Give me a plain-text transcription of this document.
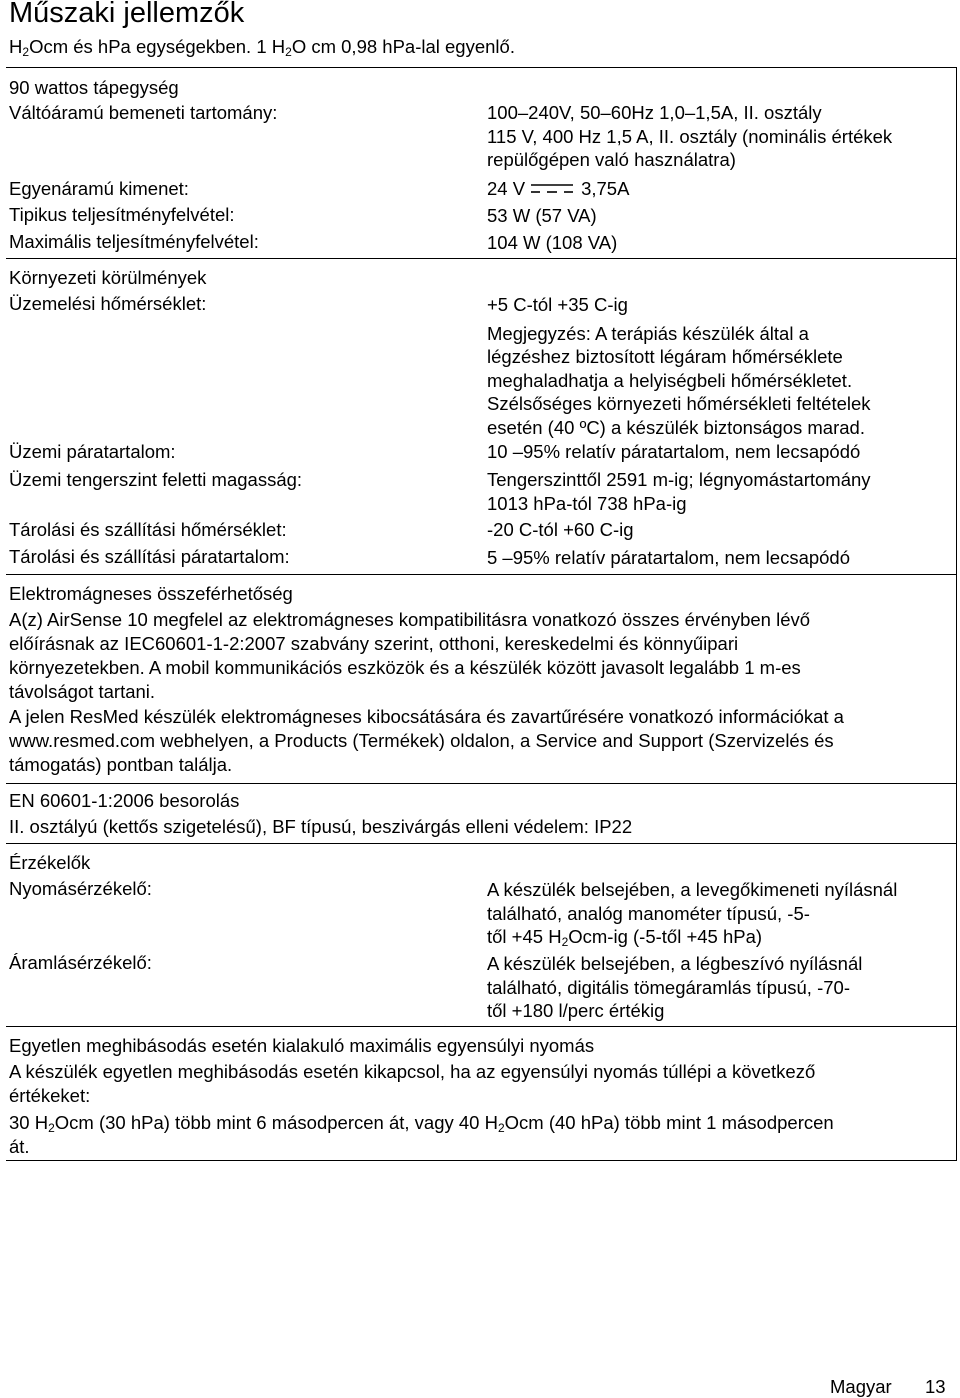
Műszaki jellemzők
$H_2Ocm$ és hPa egységekben. 1 $H_2O$ cm 0,98 hPa-lal egyenlő.
90 wattos tápegység
Váltóáramú bemeneti tartomány:	100–240V, 50–60Hz 1,0–1,5A, II. osztály
115 V, 400 Hz 1,5 A, II. osztály (nominális értékek
repülőgépen való használatra)
Egyenáramú kimenet:	24 V	3,75A
Tipikus teljesítményfelvétel:	53 W (57 VA)
Maximális teljesítményfelvétel:	104 W (108 VA)
Környezeti körülmények
Üzemelési hőmérséklet:	+5 C-tól +35 C-ig
Megjegyzés: A terápiás készülék által a
légzéshez biztosított légáram hőmérséklete
meghaladhatja a helyiségbeli hőmérsékletet.
Szélsőséges környezeti hőmérsékleti feltételek
esetén (40 ºC) a készülék biztonságos marad.
Üzemi páratartalom:	10 –95% relatív páratartalom, nem lecsapódó
Üzemi tengerszint feletti magasság:	Tengerszinttől 2591 m-ig; légnyomástartomány
1013 hPa-tól 738 hPa-ig
Tárolási és szállítási hőmérséklet:	-20 C-tól +60 C-ig
Tárolási és szállítási páratartalom:	5 –95% relatív páratartalom, nem lecsapódó
Elektromágneses összeférhetőség
A(z) AirSense 10 megfelel az elektromágneses kompatibilitásra vonatkozó összes érvényben lévő
előírásnak az IEC60601-1-2:2007 szabvány szerint, otthoni, kereskedelmi és könnyűipari
környezetekben. A mobil kommunikációs eszközök és a készülék között javasolt legalább 1 m-es
távolságot tartani.
A jelen ResMed készülék elektromágneses kibocsátására és zavartűrésére vonatkozó információkat a
www.resmed.com webhelyen, a Products (Termékek) oldalon, a Service and Support (Szervizelés és
támogatás) pontban találja.
EN 60601-1:2006 besorolás
II. osztályú (kettős szigetelésű), BF típusú, beszivárgás elleni védelem: IP22
Érzékelők
Nyomásérzékelő:	A készülék belsejében, a levegőkimeneti nyílásnál
található, analóg manométer típusú, -5-
től +45 $H_2Ocm-ig$ (-5-től +45 hPa)
Áramlásérzékelő:	A készülék belsejében, a légbeszívó nyílásnál
található, digitális tömegáramlás típusú, -70-
től +180 l/perc értékig
Egyetlen meghibásodás esetén kialakuló maximális egyensúlyi nyomás
A készülék egyetlen meghibásodás esetén kikapcsol, ha az egyensúlyi nyomás túllépi a következő
értékeket:
30 $H_2Ocm$ (30 hPa) több mint 6 másodpercen át, vagy 40 $H_2Ocm$ (40 hPa) több mint 1 másodpercen
át.
Magyar 13
